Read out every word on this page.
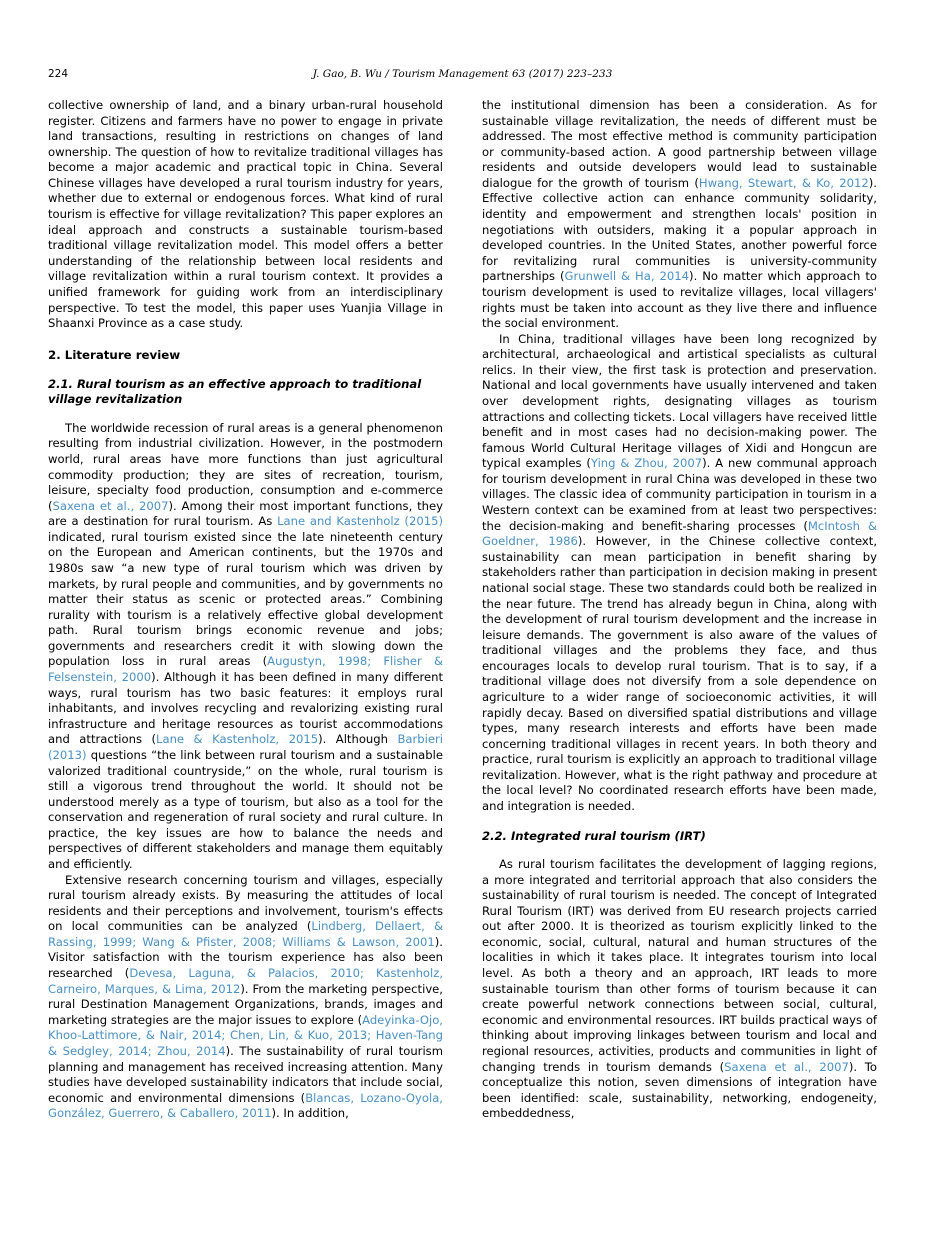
224	J. Gao, B. Wu / Tourism Management 63 (2017) 223–233

collective ownership of land, and a binary urban-rural household register. Citizens and farmers have no power to engage in private land transactions, resulting in restrictions on changes of land ownership. The question of how to revitalize traditional villages has become a major academic and practical topic in China. Several Chinese villages have developed a rural tourism industry for years, whether due to external or endogenous forces. What kind of rural tourism is effective for village revitalization? This paper explores an ideal approach and constructs a sustainable tourism-based traditional village revitalization model. This model offers a better understanding of the relationship between local residents and village revitalization within a rural tourism context. It provides a unified framework for guiding work from an interdisciplinary perspective. To test the model, this paper uses Yuanjia Village in Shaanxi Province as a case study.

2. Literature review
2.1. Rural tourism as an effective approach to traditional village revitalization

The worldwide recession of rural areas is a general phenomenon resulting from industrial civilization. However, in the postmodern world, rural areas have more functions than just agricultural commodity production; they are sites of recreation, tourism, leisure, specialty food production, consumption and e-commerce (Saxena et al., 2007). Among their most important functions, they are a destination for rural tourism. As Lane and Kastenholz (2015) indicated, rural tourism existed since the late nineteenth century on the European and American continents, but the 1970s and 1980s saw “a new type of rural tourism which was driven by markets, by rural people and communities, and by governments no matter their status as scenic or protected areas.” Combining rurality with tourism is a relatively effective global development path. Rural tourism brings economic revenue and jobs; governments and researchers credit it with slowing down the population loss in rural areas (Augustyn, 1998; Flisher & Felsenstein, 2000). Although it has been defined in many different ways, rural tourism has two basic features: it employs rural inhabitants, and involves recycling and revalorizing existing rural infrastructure and heritage resources as tourist accommodations and attractions (Lane & Kastenholz, 2015). Although Barbieri (2013) questions “the link between rural tourism and a sustainable valorized traditional countryside,” on the whole, rural tourism is still a vigorous trend throughout the world. It should not be understood merely as a type of tourism, but also as a tool for the conservation and regeneration of rural society and rural culture. In practice, the key issues are how to balance the needs and perspectives of different stakeholders and manage them equitably and efficiently.

Extensive research concerning tourism and villages, especially rural tourism already exists. By measuring the attitudes of local residents and their perceptions and involvement, tourism's effects on local communities can be analyzed (Lindberg, Dellaert, & Rassing, 1999; Wang & Pfister, 2008; Williams & Lawson, 2001). Visitor satisfaction with the tourism experience has also been researched (Devesa, Laguna, & Palacios, 2010; Kastenholz, Carneiro, Marques, & Lima, 2012). From the marketing perspective, rural Destination Management Organizations, brands, images and marketing strategies are the major issues to explore (Adeyinka-Ojo, Khoo-Lattimore, & Nair, 2014; Chen, Lin, & Kuo, 2013; Haven-Tang & Sedgley, 2014; Zhou, 2014). The sustainability of rural tourism planning and management has received increasing attention. Many studies have developed sustainability indicators that include social, economic and environmental dimensions (Blancas, Lozano-Oyola, González, Guerrero, & Caballero, 2011). In addition,

the institutional dimension has been a consideration. As for sustainable village revitalization, the needs of different must be addressed. The most effective method is community participation or community-based action. A good partnership between village residents and outside developers would lead to sustainable dialogue for the growth of tourism (Hwang, Stewart, & Ko, 2012). Effective collective action can enhance community solidarity, identity and empowerment and strengthen locals' position in negotiations with outsiders, making it a popular approach in developed countries. In the United States, another powerful force for revitalizing rural communities is university-community partnerships (Grunwell & Ha, 2014). No matter which approach to tourism development is used to revitalize villages, local villagers' rights must be taken into account as they live there and influence the social environment.

In China, traditional villages have been long recognized by architectural, archaeological and artistical specialists as cultural relics. In their view, the first task is protection and preservation. National and local governments have usually intervened and taken over development rights, designating villages as tourism attractions and collecting tickets. Local villagers have received little benefit and in most cases had no decision-making power. The famous World Cultural Heritage villages of Xidi and Hongcun are typical examples (Ying & Zhou, 2007). A new communal approach for tourism development in rural China was developed in these two villages. The classic idea of community participation in tourism in a Western context can be examined from at least two perspectives: the decision-making and benefit-sharing processes (McIntosh & Goeldner, 1986). However, in the Chinese collective context, sustainability can mean participation in benefit sharing by stakeholders rather than participation in decision making in present national social stage. These two standards could both be realized in the near future. The trend has already begun in China, along with the development of rural tourism development and the increase in leisure demands. The government is also aware of the values of traditional villages and the problems they face, and thus encourages locals to develop rural tourism. That is to say, if a traditional village does not diversify from a sole dependence on agriculture to a wider range of socioeconomic activities, it will rapidly decay. Based on diversified spatial distributions and village types, many research interests and efforts have been made concerning traditional villages in recent years. In both theory and practice, rural tourism is explicitly an approach to traditional village revitalization. However, what is the right pathway and procedure at the local level? No coordinated research efforts have been made, and integration is needed.

2.2. Integrated rural tourism (IRT)

As rural tourism facilitates the development of lagging regions, a more integrated and territorial approach that also considers the sustainability of rural tourism is needed. The concept of Integrated Rural Tourism (IRT) was derived from EU research projects carried out after 2000. It is theorized as tourism explicitly linked to the economic, social, cultural, natural and human structures of the localities in which it takes place. It integrates tourism into local level. As both a theory and an approach, IRT leads to more sustainable tourism than other forms of tourism because it can create powerful network connections between social, cultural, economic and environmental resources. IRT builds practical ways of thinking about improving linkages between tourism and local and regional resources, activities, products and communities in light of changing trends in tourism demands (Saxena et al., 2007). To conceptualize this notion, seven dimensions of integration have been identified: scale, sustainability, networking, endogeneity, embeddedness,
